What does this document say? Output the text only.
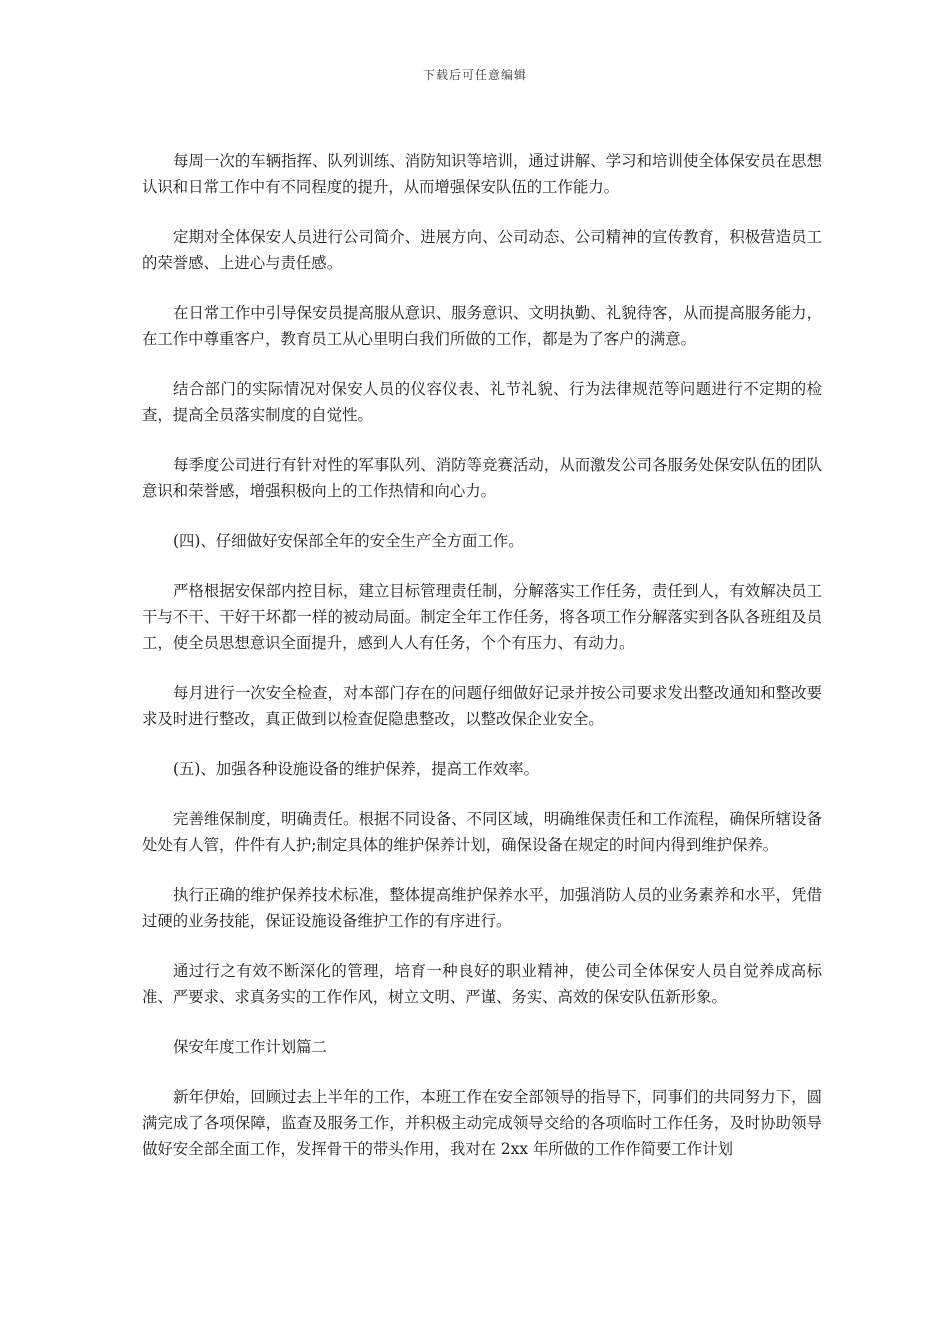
下载后可任意编辑

每周一次的车辆指挥、队列训练、消防知识等培训，通过讲解、学习和培训使全体保安员在思想认识和日常工作中有不同程度的提升，从而增强保安队伍的工作能力。

定期对全体保安人员进行公司简介、进展方向、公司动态、公司精神的宣传教育，积极营造员工的荣誉感、上进心与责任感。

在日常工作中引导保安员提高服从意识、服务意识、文明执勤、礼貌待客，从而提高服务能力，在工作中尊重客户，教育员工从心里明白我们所做的工作，都是为了客户的满意。

结合部门的实际情况对保安人员的仪容仪表、礼节礼貌、行为法律规范等问题进行不定期的检查，提高全员落实制度的自觉性。

每季度公司进行有针对性的军事队列、消防等竞赛活动，从而激发公司各服务处保安队伍的团队意识和荣誉感，增强积极向上的工作热情和向心力。

(四)、仔细做好安保部全年的安全生产全方面工作。

严格根据安保部内控目标，建立目标管理责任制，分解落实工作任务，责任到人，有效解决员工干与不干、干好干坏都一样的被动局面。制定全年工作任务，将各项工作分解落实到各队各班组及员工，使全员思想意识全面提升，感到人人有任务，个个有压力、有动力。

每月进行一次安全检查，对本部门存在的问题仔细做好记录并按公司要求发出整改通知和整改要求及时进行整改，真正做到以检查促隐患整改，以整改保企业安全。

(五)、加强各种设施设备的维护保养，提高工作效率。

完善维保制度，明确责任。根据不同设备、不同区域，明确维保责任和工作流程，确保所辖设备处处有人管，件件有人护;制定具体的维护保养计划，确保设备在规定的时间内得到维护保养。

执行正确的维护保养技术标准，整体提高维护保养水平，加强消防人员的业务素养和水平，凭借过硬的业务技能，保证设施设备维护工作的有序进行。

通过行之有效不断深化的管理，培育一种良好的职业精神，使公司全体保安人员自觉养成高标准、严要求、求真务实的工作作风，树立文明、严谨、务实、高效的保安队伍新形象。

保安年度工作计划篇二

新年伊始，回顾过去上半年的工作，本班工作在安全部领导的指导下，同事们的共同努力下，圆满完成了各项保障，监查及服务工作，并积极主动完成领导交给的各项临时工作任务，及时协助领导做好安全部全面工作，发挥骨干的带头作用，我对在 2xx 年所做的工作作简要工作计划
